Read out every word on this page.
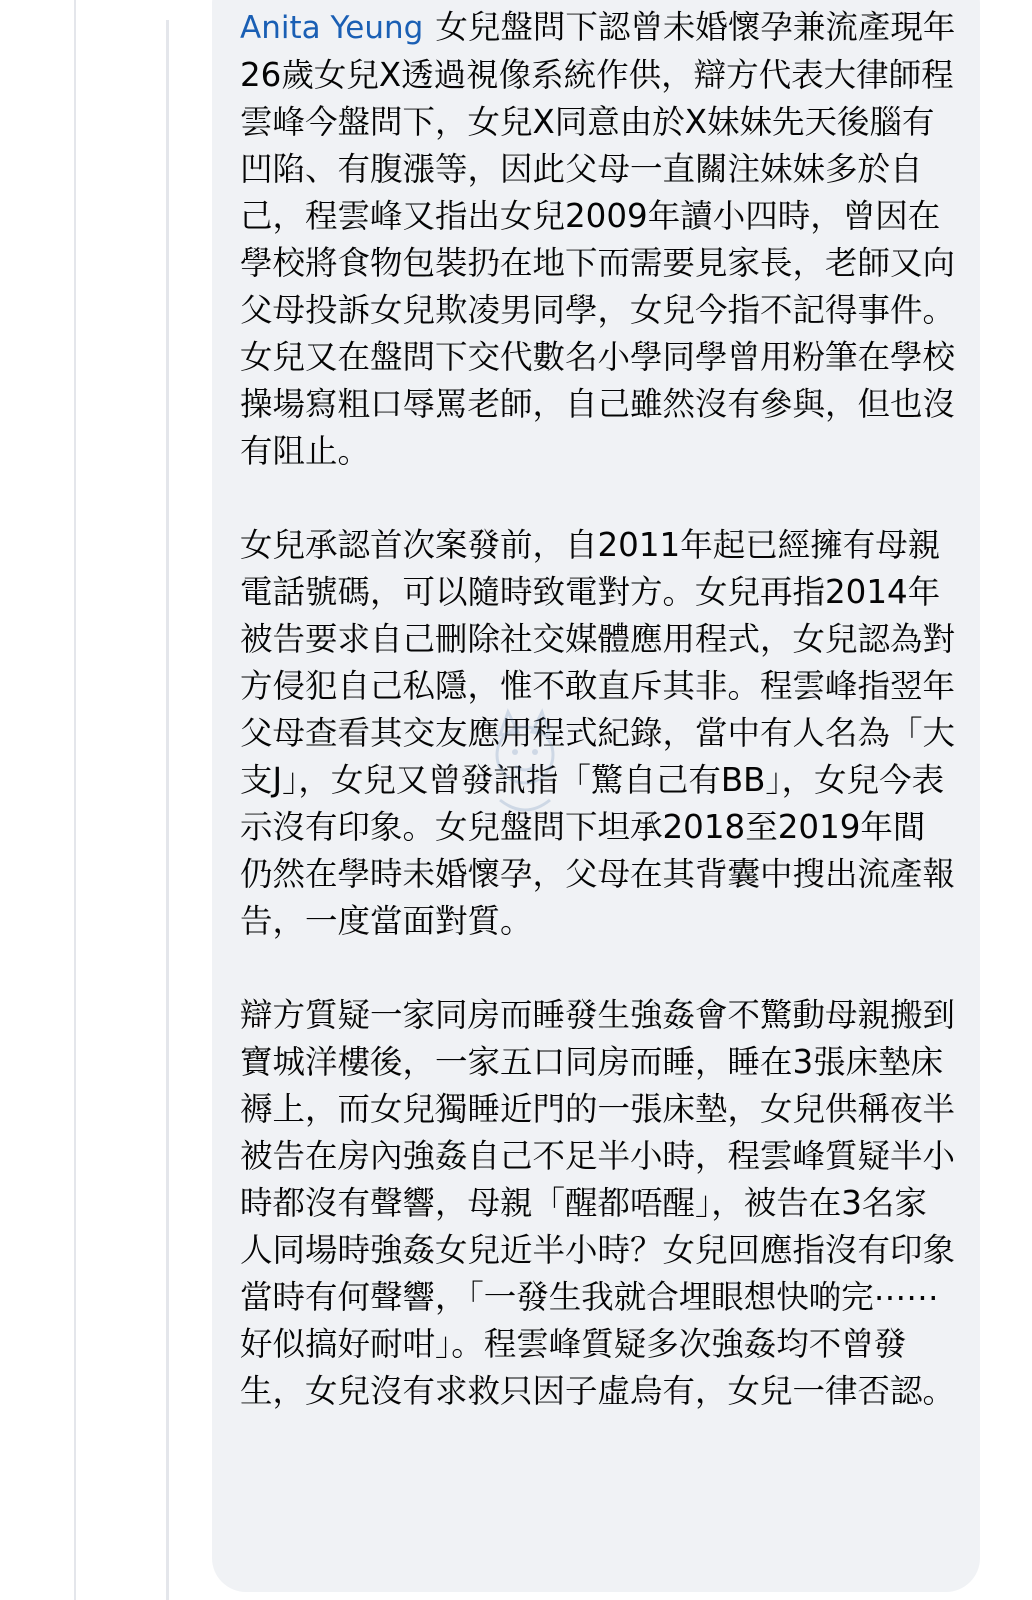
Anita Yeung 女兒盤問下認曾未婚懷孕兼流產現年26歲女兒X透過視像系統作供，辯方代表大律師程雲峰今盤問下，女兒X同意由於X妹妹先天後腦有凹陷、有腹漲等，因此父母一直關注妹妹多於自己，程雲峰又指出女兒2009年讀小四時，曾因在學校將食物包裝扔在地下而需要見家長，老師又向父母投訴女兒欺凌男同學，女兒今指不記得事件。女兒又在盤問下交代數名小學同學曾用粉筆在學校操場寫粗口辱罵老師，自己雖然沒有參與，但也沒有阻止。

女兒承認首次案發前，自2011年起已經擁有母親電話號碼，可以隨時致電對方。女兒再指2014年被告要求自己刪除社交媒體應用程式，女兒認為對方侵犯自己私隱，惟不敢直斥其非。程雲峰指翌年父母查看其交友應用程式紀錄，當中有人名為「大支J」，女兒又曾發訊指「驚自己有BB」，女兒今表示沒有印象。女兒盤問下坦承2018至2019年間仍然在學時未婚懷孕，父母在其背囊中搜出流產報告，一度當面對質。

辯方質疑一家同房而睡發生強姦會不驚動母親搬到寶城洋樓後，一家五口同房而睡，睡在3張床墊床褥上，而女兒獨睡近門的一張床墊，女兒供稱夜半被告在房內強姦自己不足半小時，程雲峰質疑半小時都沒有聲響，母親「醒都唔醒」，被告在3名家人同場時強姦女兒近半小時？女兒回應指沒有印象當時有何聲響，「一發生我就合埋眼想快啲完⋯⋯好似搞好耐咁」。程雲峰質疑多次強姦均不曾發生，女兒沒有求救只因子虛烏有，女兒一律否認。
